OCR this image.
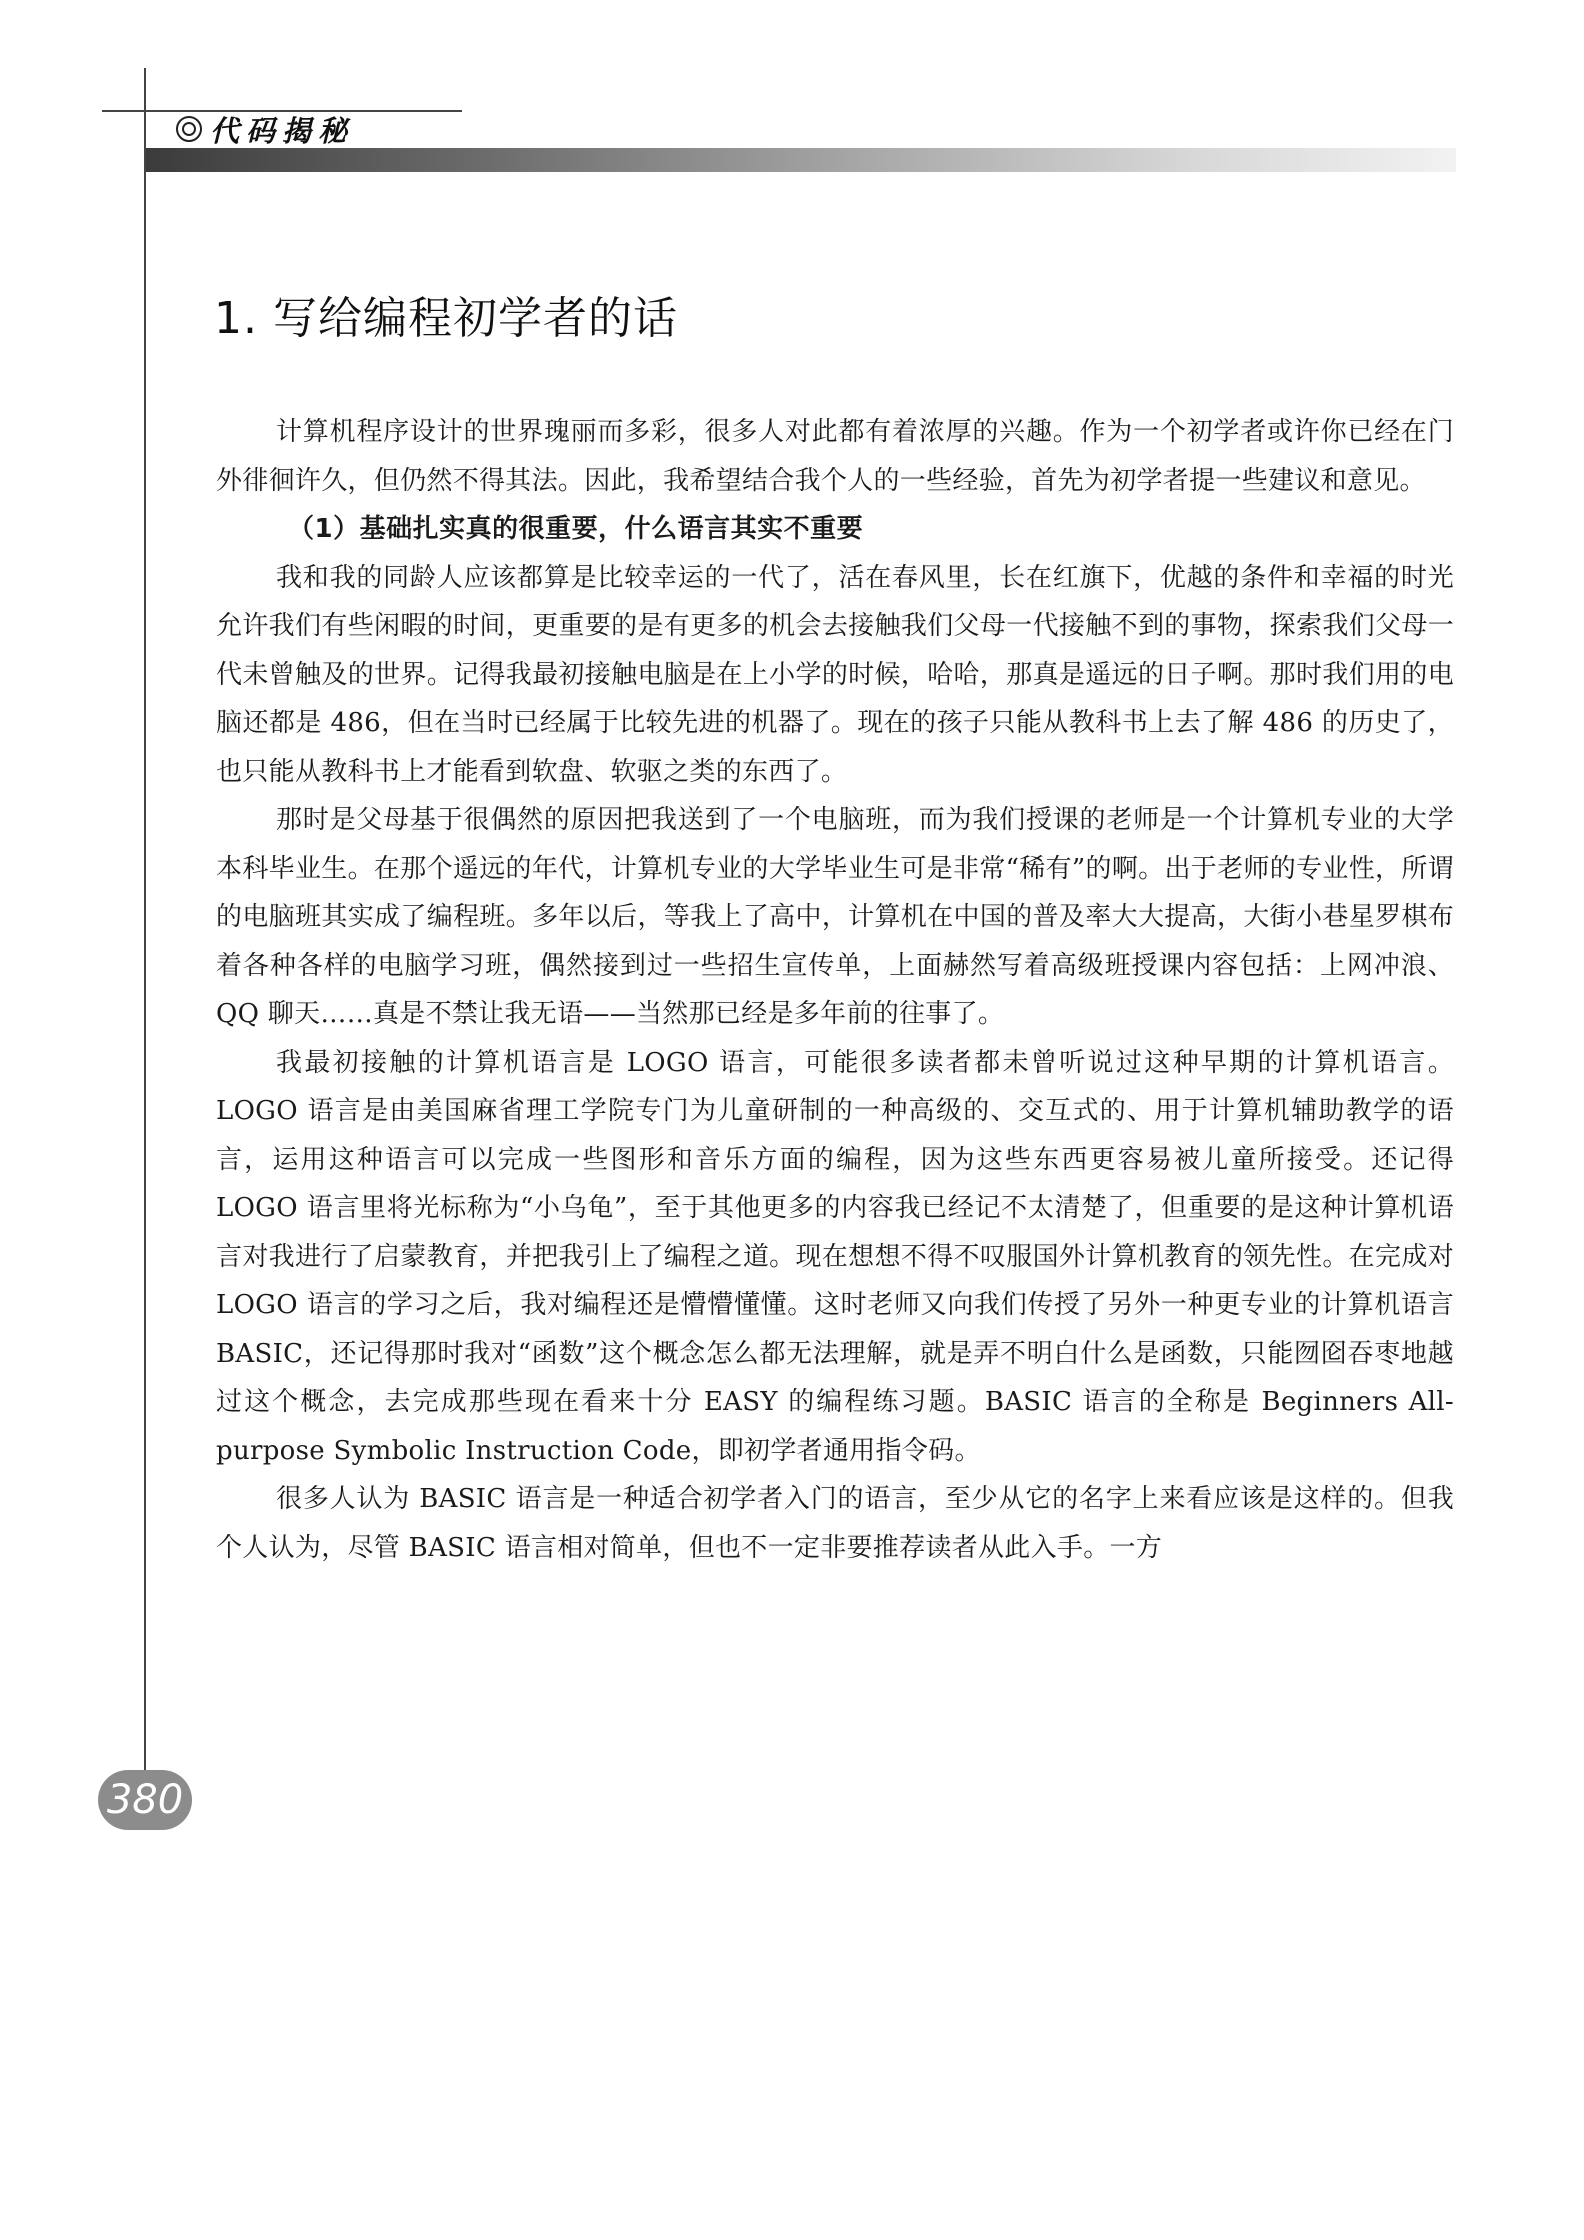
代码揭秘
1. 写给编程初学者的话

计算机程序设计的世界瑰丽而多彩，很多人对此都有着浓厚的兴趣。作为一个初学者或许你已经在门外徘徊许久，但仍然不得其法。因此，我希望结合我个人的一些经验，首先为初学者提一些建议和意见。

（1）基础扎实真的很重要，什么语言其实不重要

我和我的同龄人应该都算是比较幸运的一代了，活在春风里，长在红旗下，优越的条件和幸福的时光允许我们有些闲暇的时间，更重要的是有更多的机会去接触我们父母一代接触不到的事物，探索我们父母一代未曾触及的世界。记得我最初接触电脑是在上小学的时候，哈哈，那真是遥远的日子啊。那时我们用的电脑还都是 486，但在当时已经属于比较先进的机器了。现在的孩子只能从教科书上去了解 486 的历史了，也只能从教科书上才能看到软盘、软驱之类的东西了。

那时是父母基于很偶然的原因把我送到了一个电脑班，而为我们授课的老师是一个计算机专业的大学本科毕业生。在那个遥远的年代，计算机专业的大学毕业生可是非常“稀有”的啊。出于老师的专业性，所谓的电脑班其实成了编程班。多年以后，等我上了高中，计算机在中国的普及率大大提高，大街小巷星罗棋布着各种各样的电脑学习班，偶然接到过一些招生宣传单，上面赫然写着高级班授课内容包括：上网冲浪、QQ 聊天……真是不禁让我无语——当然那已经是多年前的往事了。

我最初接触的计算机语言是 LOGO 语言，可能很多读者都未曾听说过这种早期的计算机语言。LOGO 语言是由美国麻省理工学院专门为儿童研制的一种高级的、交互式的、用于计算机辅助教学的语言，运用这种语言可以完成一些图形和音乐方面的编程，因为这些东西更容易被儿童所接受。还记得 LOGO 语言里将光标称为“小乌龟”，至于其他更多的内容我已经记不太清楚了，但重要的是这种计算机语言对我进行了启蒙教育，并把我引上了编程之道。现在想想不得不叹服国外计算机教育的领先性。在完成对 LOGO 语言的学习之后，我对编程还是懵懵懂懂。这时老师又向我们传授了另外一种更专业的计算机语言 BASIC，还记得那时我对“函数”这个概念怎么都无法理解，就是弄不明白什么是函数，只能囫囵吞枣地越过这个概念，去完成那些现在看来十分 EASY 的编程练习题。BASIC 语言的全称是 Beginners All-purpose Symbolic Instruction Code，即初学者通用指令码。

很多人认为 BASIC 语言是一种适合初学者入门的语言，至少从它的名字上来看应该是这样的。但我个人认为，尽管 BASIC 语言相对简单，但也不一定非要推荐读者从此入手。一方

380
